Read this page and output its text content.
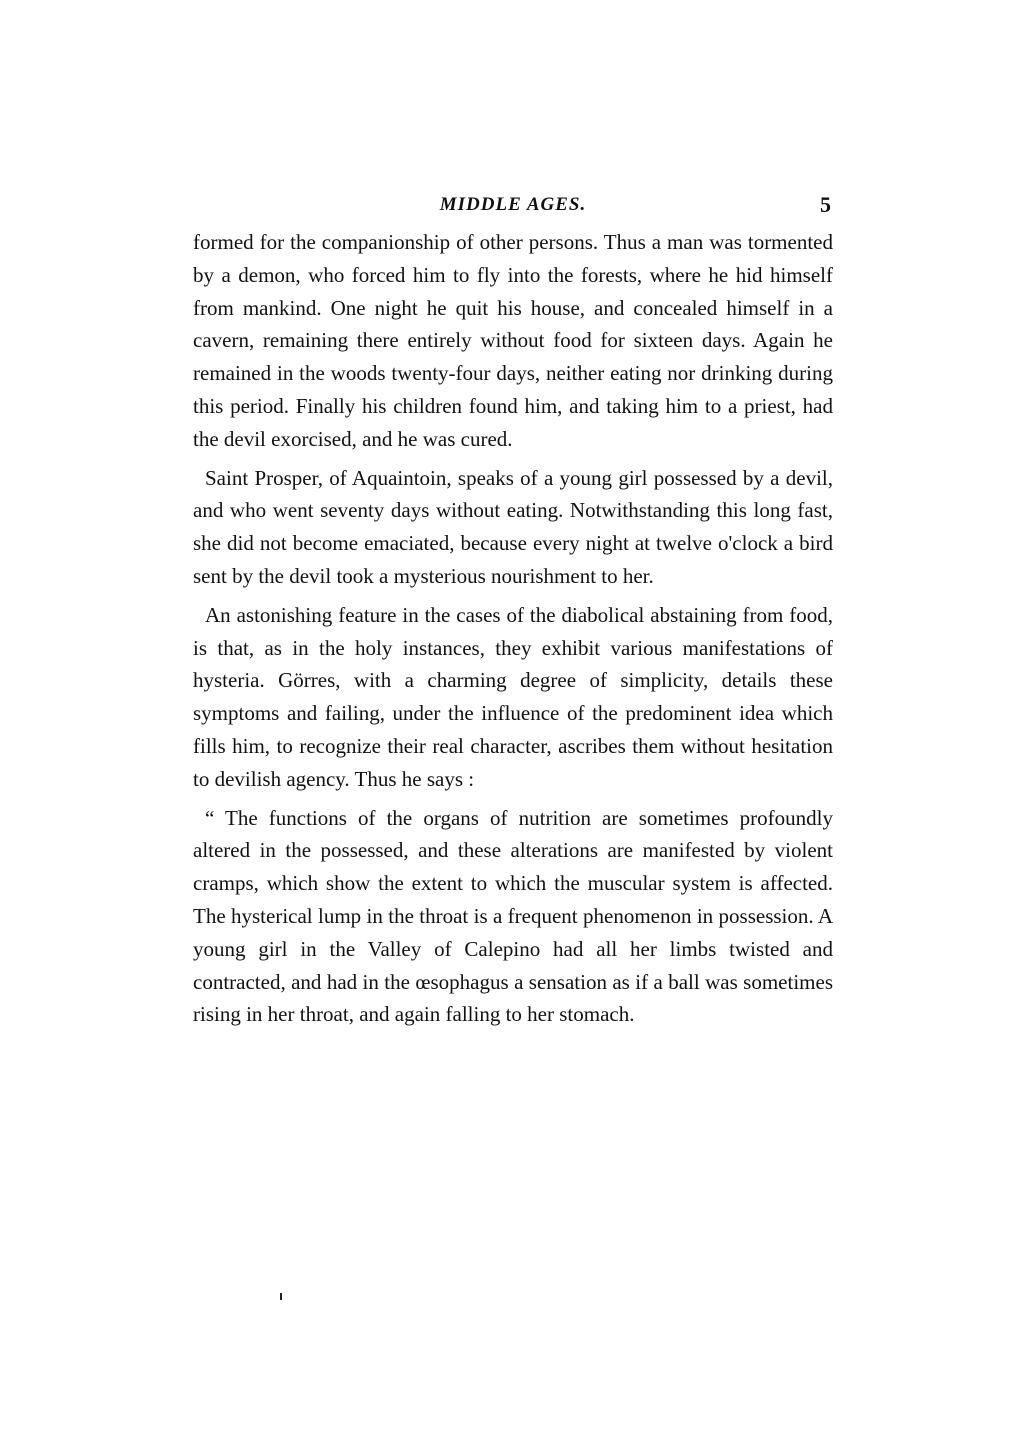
MIDDLE AGES.	5

formed for the companionship of other persons. Thus a man was tormented by a demon, who forced him to fly into the forests, where he hid himself from mankind. One night he quit his house, and concealed himself in a cavern, remaining there entirely without food for sixteen days. Again he remained in the woods twenty-four days, neither eating nor drinking during this period. Finally his children found him, and taking him to a priest, had the devil exorcised, and he was cured.

Saint Prosper, of Aquaintoin, speaks of a young girl possessed by a devil, and who went seventy days without eating. Notwithstanding this long fast, she did not become emaciated, because every night at twelve o'clock a bird sent by the devil took a mysterious nourishment to her.

An astonishing feature in the cases of the diabolical abstaining from food, is that, as in the holy instances, they exhibit various manifestations of hysteria. Görres, with a charming degree of simplicity, details these symptoms and failing, under the influence of the predominent idea which fills him, to recognize their real character, ascribes them without hesitation to devilish agency. Thus he says :

“ The functions of the organs of nutrition are sometimes profoundly altered in the possessed, and these alterations are manifested by violent cramps, which show the extent to which the muscular system is affected. The hysterical lump in the throat is a frequent phenomenon in possession. A young girl in the Valley of Calepino had all her limbs twisted and contracted, and had in the œsophagus a sensation as if a ball was sometimes rising in her throat, and again falling to her stomach.
